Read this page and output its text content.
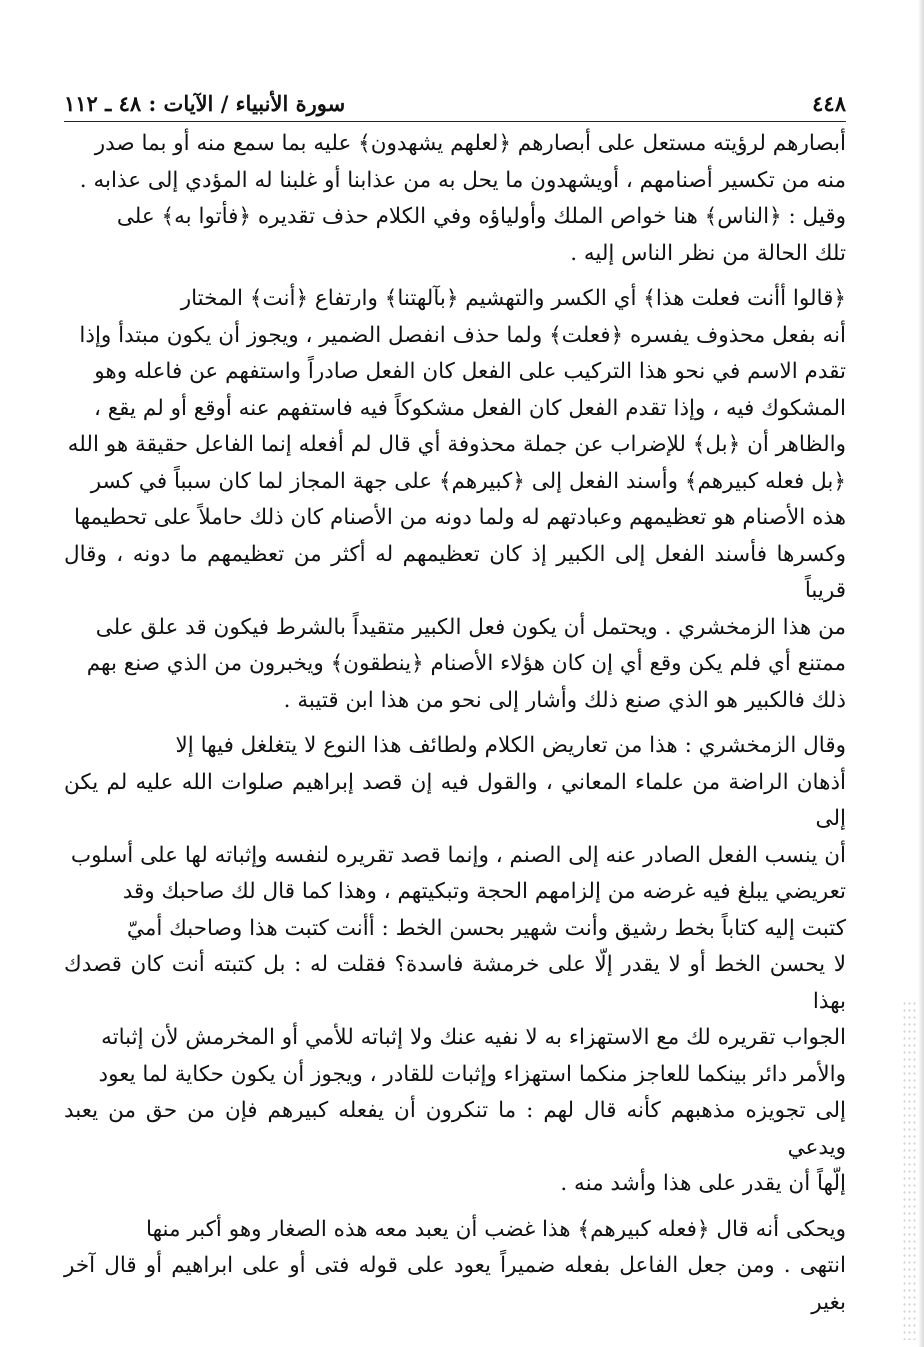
٤٤٨
سورة الأنبياء / الآيات : ٤٨ ـ ١١٢

أبصارهم لرؤيته مستعل على أبصارهم ﴿لعلهم يشهدون﴾ عليه بما سمع منه أو بما صدر
منه من تكسير أصنامهم ، أويشهدون ما يحل به من عذابنا أو غلبنا له المؤدي إلى عذابه .
وقيل : ﴿الناس﴾ هنا خواص الملك وأولياؤه وفي الكلام حذف تقديره ﴿فأتوا به﴾ على
تلك الحالة من نظر الناس إليه .

﴿قالوا أأنت فعلت هذا﴾ أي الكسر والتهشيم ﴿بآلهتنا﴾ وارتفاع ﴿أنت﴾ المختار
أنه بفعل محذوف يفسره ﴿فعلت﴾ ولما حذف انفصل الضمير ، ويجوز أن يكون مبتدأ وإذا
تقدم الاسم في نحو هذا التركيب على الفعل كان الفعل صادراً واستفهم عن فاعله وهو
المشكوك فيه ، وإذا تقدم الفعل كان الفعل مشكوكاً فيه فاستفهم عنه أوقع أو لم يقع ،
والظاهر أن ﴿بل﴾ للإضراب عن جملة محذوفة أي قال لم أفعله إنما الفاعل حقيقة هو الله
﴿بل فعله كبيرهم﴾ وأسند الفعل إلى ﴿كبيرهم﴾ على جهة المجاز لما كان سبباً في كسر
هذه الأصنام هو تعظيمهم وعبادتهم له ولما دونه من الأصنام كان ذلك حاملاً على تحطيمها
وكسرها فأسند الفعل إلى الكبير إذ كان تعظيمهم له أكثر من تعظيمهم ما دونه ، وقال قريباً
من هذا الزمخشري . ويحتمل أن يكون فعل الكبير متقيداً بالشرط فيكون قد علق على
ممتنع أي فلم يكن وقع أي إن كان هؤلاء الأصنام ﴿ينطقون﴾ ويخبرون من الذي صنع بهم
ذلك فالكبير هو الذي صنع ذلك وأشار إلى نحو من هذا ابن قتيبة .

وقال الزمخشري : هذا من تعاريض الكلام ولطائف هذا النوع لا يتغلغل فيها إلا
أذهان الراضة من علماء المعاني ، والقول فيه إن قصد إبراهيم صلوات الله عليه لم يكن إلى
أن ينسب الفعل الصادر عنه إلى الصنم ، وإنما قصد تقريره لنفسه وإثباته لها على أسلوب
تعريضي يبلغ فيه غرضه من إلزامهم الحجة وتبكيتهم ، وهذا كما قال لك صاحبك وقد
كتبت إليه كتاباً بخط رشيق وأنت شهير بحسن الخط : أأنت كتبت هذا وصاحبك أميّ
لا يحسن الخط أو لا يقدر إلّا على خرمشة فاسدة؟ فقلت له : بل كتبته أنت كان قصدك بهذا
الجواب تقريره لك مع الاستهزاء به لا نفيه عنك ولا إثباته للأمي أو المخرمش لأن إثباته
والأمر دائر بينكما للعاجز منكما استهزاء وإثبات للقادر ، ويجوز أن يكون حكاية لما يعود
إلى تجويزه مذهبهم كأنه قال لهم : ما تنكرون أن يفعله كبيرهم فإن من حق من يعبد ويدعي
إلّهاً أن يقدر على هذا وأشد منه .

ويحكى أنه قال ﴿فعله كبيرهم﴾ هذا غضب أن يعبد معه هذه الصغار وهو أكبر منها
انتهى . ومن جعل الفاعل بفعله ضميراً يعود على قوله فتى أو على ابراهيم أو قال آخر بغير
